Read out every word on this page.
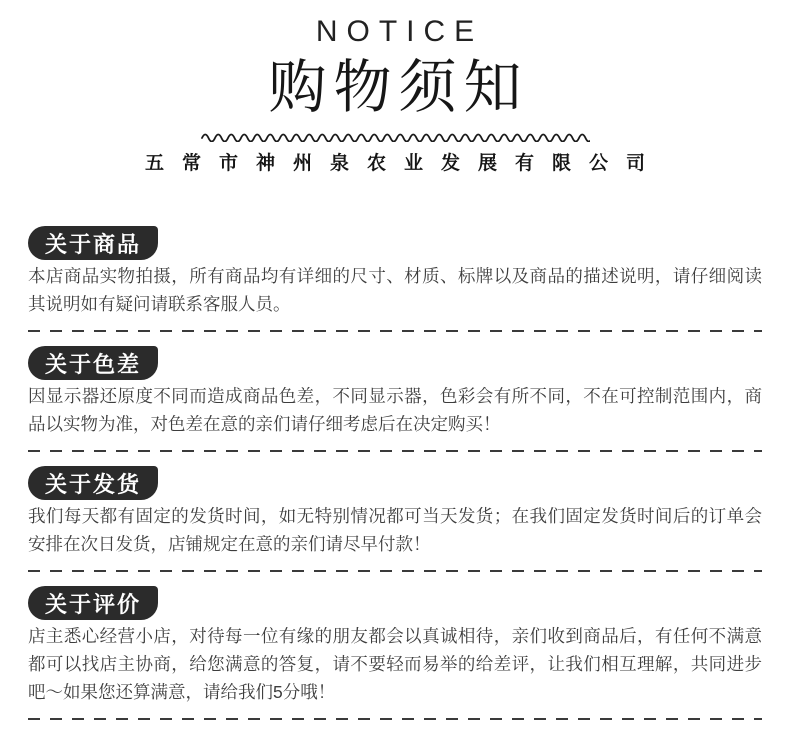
NOTICE
购物须知
五常市神州泉农业发展有限公司
关于商品

本店商品实物拍摄，所有商品均有详细的尺寸、材质、标牌以及商品的描述说明，请仔细阅读其说明如有疑问请联系客服人员。

关于色差

因显示器还原度不同而造成商品色差，不同显示器，色彩会有所不同，不在可控制范围内，商品以实物为准，对色差在意的亲们请仔细考虑后在决定购买！

关于发货

我们每天都有固定的发货时间，如无特别情况都可当天发货；在我们固定发货时间后的订单会安排在次日发货，店铺规定在意的亲们请尽早付款！

关于评价

店主悉心经营小店，对待每一位有缘的朋友都会以真诚相待，亲们收到商品后，有任何不满意都可以找店主协商，给您满意的答复，请不要轻而易举的给差评，让我们相互理解，共同进步吧～如果您还算满意，请给我们5分哦！
